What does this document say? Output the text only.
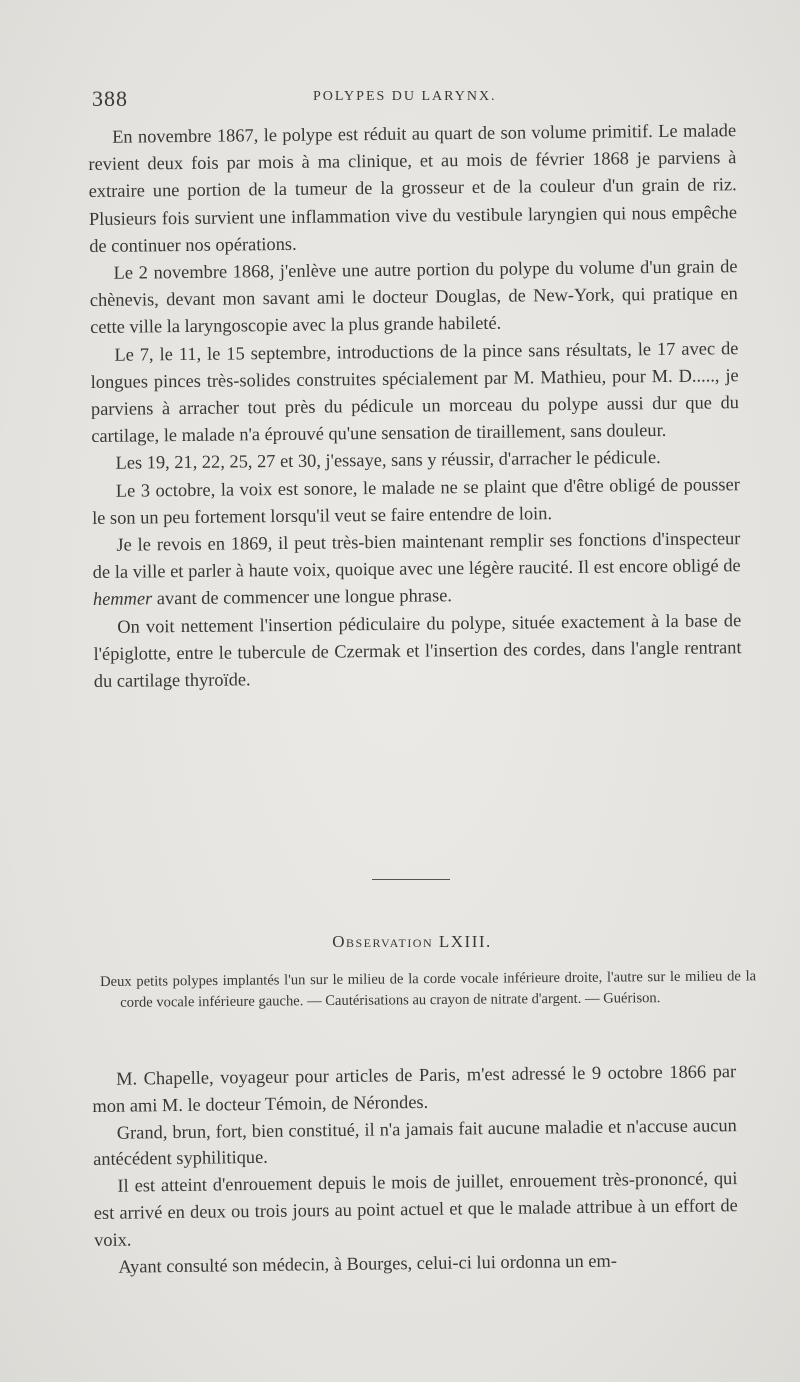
388	POLYPES DU LARYNX.

En novembre 1867, le polype est réduit au quart de son volume primitif. Le malade revient deux fois par mois à ma clinique, et au mois de février 1868 je parviens à extraire une portion de la tumeur de la grosseur et de la couleur d'un grain de riz. Plusieurs fois survient une inflammation vive du vestibule laryngien qui nous empêche de continuer nos opérations.

Le 2 novembre 1868, j'enlève une autre portion du polype du volume d'un grain de chènevis, devant mon savant ami le docteur Douglas, de New-York, qui pratique en cette ville la laryngoscopie avec la plus grande habileté.

Le 7, le 11, le 15 septembre, introductions de la pince sans résultats, le 17 avec de longues pinces très-solides construites spécialement par M. Mathieu, pour M. D....., je parviens à arracher tout près du pédicule un morceau du polype aussi dur que du cartilage, le malade n'a éprouvé qu'une sensation de tiraillement, sans douleur.

Les 19, 21, 22, 25, 27 et 30, j'essaye, sans y réussir, d'arracher le pédicule.

Le 3 octobre, la voix est sonore, le malade ne se plaint que d'être obligé de pousser le son un peu fortement lorsqu'il veut se faire entendre de loin.

Je le revois en 1869, il peut très-bien maintenant remplir ses fonctions d'inspecteur de la ville et parler à haute voix, quoique avec une légère raucité. Il est encore obligé de hemmer avant de commencer une longue phrase.

On voit nettement l'insertion pédiculaire du polype, située exactement à la base de l'épiglotte, entre le tubercule de Czermak et l'insertion des cordes, dans l'angle rentrant du cartilage thyroïde.

Observation LXIII.
Deux petits polypes implantés l'un sur le milieu de la corde vocale inférieure droite, l'autre sur le milieu de la corde vocale inférieure gauche. — Cautérisations au crayon de nitrate d'argent. — Guérison.

M. Chapelle, voyageur pour articles de Paris, m'est adressé le 9 octobre 1866 par mon ami M. le docteur Témoin, de Nérondes.

Grand, brun, fort, bien constitué, il n'a jamais fait aucune maladie et n'accuse aucun antécédent syphilitique.

Il est atteint d'enrouement depuis le mois de juillet, enrouement très-prononcé, qui est arrivé en deux ou trois jours au point actuel et que le malade attribue à un effort de voix.

Ayant consulté son médecin, à Bourges, celui-ci lui ordonna un em-
